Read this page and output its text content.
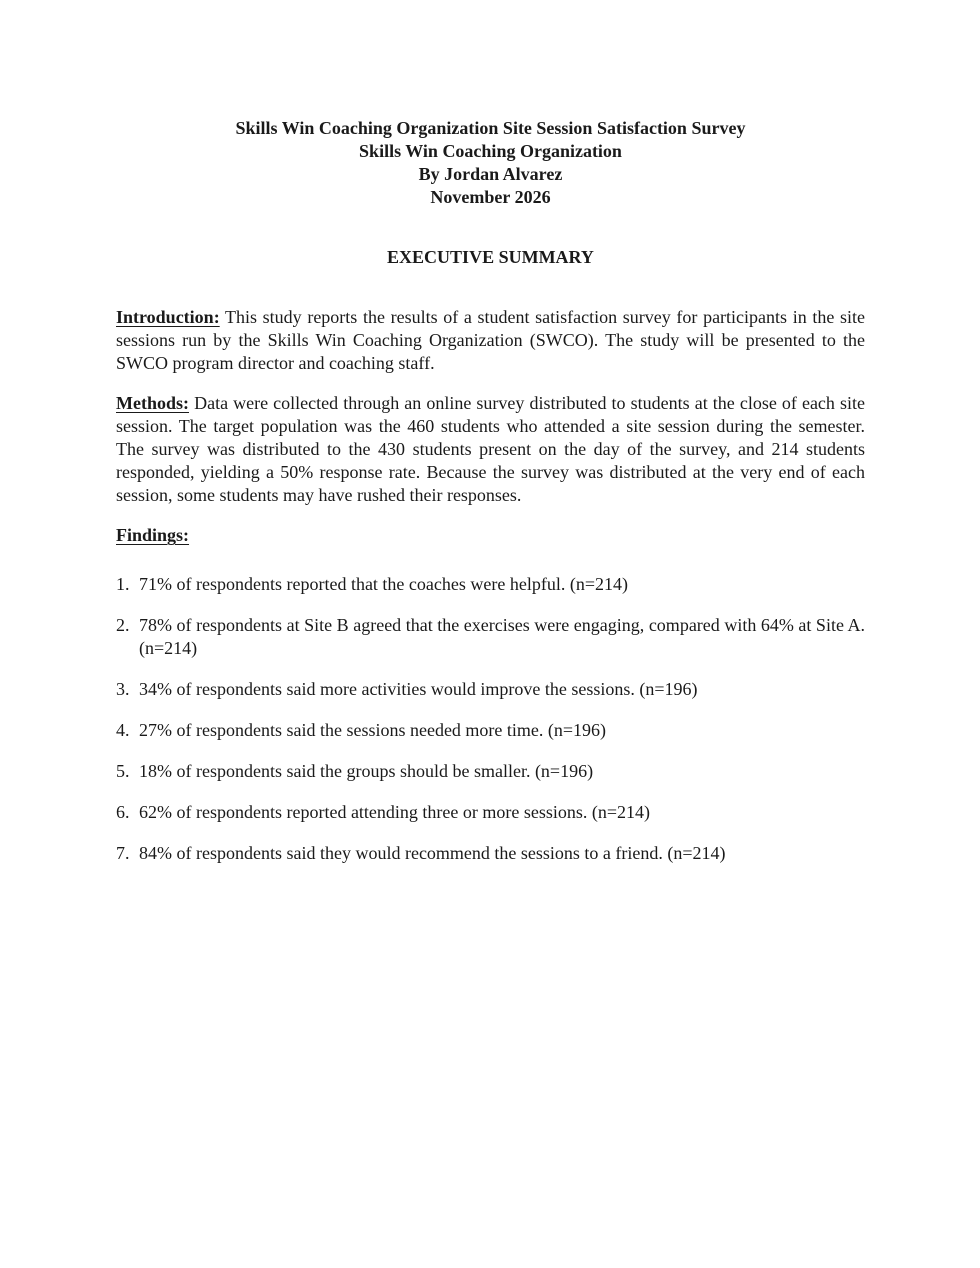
Skills Win Coaching Organization Site Session Satisfaction Survey
Skills Win Coaching Organization
By Jordan Alvarez
November 2026
EXECUTIVE SUMMARY
Introduction: This study reports the results of a student satisfaction survey for participants in the site sessions run by the Skills Win Coaching Organization (SWCO). The study will be presented to the SWCO program director and coaching staff.
Methods: Data were collected through an online survey distributed to students at the close of each site session. The target population was the 460 students who attended a site session during the semester. The survey was distributed to the 430 students present on the day of the survey, and 214 students responded, yielding a 50% response rate. Because the survey was distributed at the very end of each session, some students may have rushed their responses.
Findings:
1. 71% of respondents reported that the coaches were helpful. (n=214)
2. 78% of respondents at Site B agreed that the exercises were engaging, compared with 64% at Site A. (n=214)
3. 34% of respondents said more activities would improve the sessions. (n=196)
4. 27% of respondents said the sessions needed more time. (n=196)
5. 18% of respondents said the groups should be smaller. (n=196)
6. 62% of respondents reported attending three or more sessions. (n=214)
7. 84% of respondents said they would recommend the sessions to a friend. (n=214)
